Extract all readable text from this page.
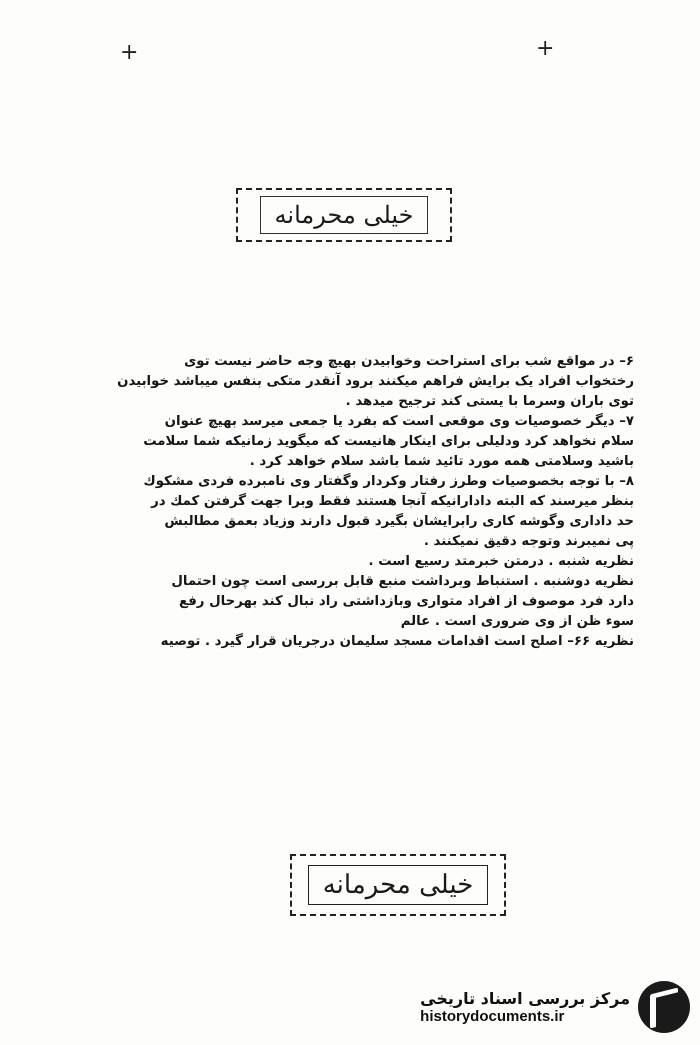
+	+
خیلی محرمانه
۶– در مواقع شب برای استراحت وخوابیدن بهیچ وجه حاضر نیست توی
رختخواب افراد یک برایش فراهم میکنند برود آنقدر متکی بنفس میباشد خوابیدن
توی باران وسرما با یستی کند ترجیح میدهد .
۷– دیگر خصوصیات وی موقعی است که بفرد یا جمعی میرسد بهیچ عنوان
سلام نخواهد کرد ودلیلی برای اینکار هانیست که میگوید زمانیکه شما سلامت
باشید وسلامتی همه مورد تائید شما باشد سلام خواهد کرد .
۸– با توجه بخصوصیات وطرز رفتار وکردار وگفتار وی نامبرده فردی مشکوك
بنظر میرسند که البته دادارانیکه آنجا هستند فقط وبرا جهت گرفتن کمك در
حد داداری وگوشه کاری رابرایشان بگیرد قبول دارند وزیاد بعمق مطالبش
پی نمیبرند وتوجه دقیق نمیکنند .
نظریه شنبه . درمتن خبرمتد رسیع است .
نظریه دوشنبه . استنباط وبرداشت منبع قابل بررسی است چون احتمال
دارد فرد موصوف از افراد متواری وبازداشتی راد نبال کند بهرحال رفع
سوء ظن از وی ضروری است . عالم
نظریه ۶۶– اصلح است اقدامات مسجد سلیمان درجریان قرار گیرد . توصیه
خیلی محرمانه
مرکز بررسی اسناد تاریخی
historydocuments.ir
